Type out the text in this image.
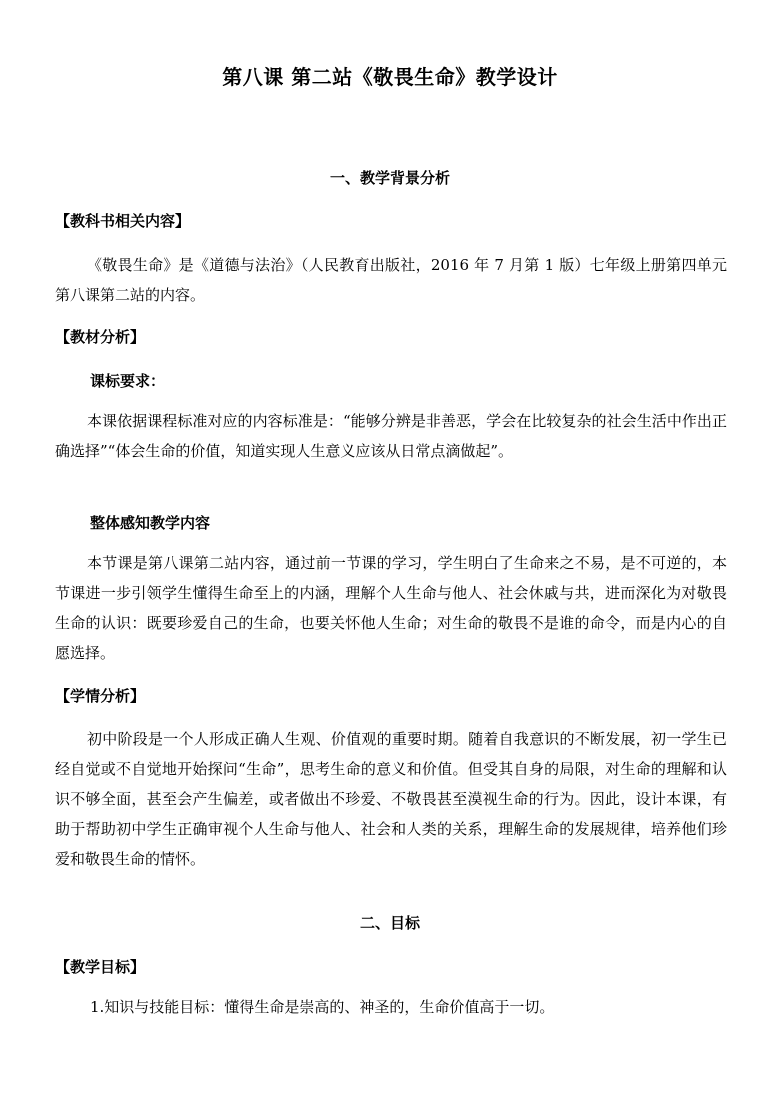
第八课 第二站《敬畏生命》教学设计
一、教学背景分析
【教科书相关内容】

《敬畏生命》是《道德与法治》（人民教育出版社，2016 年 7 月第 1 版）七年级上册第四单元第八课第二站的内容。

【教材分析】
课标要求：

本课依据课程标准对应的内容标准是：“能够分辨是非善恶，学会在比较复杂的社会生活中作出正确选择”“体会生命的价值，知道实现人生意义应该从日常点滴做起”。

整体感知教学内容

本节课是第八课第二站内容，通过前一节课的学习，学生明白了生命来之不易，是不可逆的，本节课进一步引领学生懂得生命至上的内涵，理解个人生命与他人、社会休戚与共，进而深化为对敬畏生命的认识：既要珍爱自己的生命，也要关怀他人生命；对生命的敬畏不是谁的命令，而是内心的自愿选择。

【学情分析】

初中阶段是一个人形成正确人生观、价值观的重要时期。随着自我意识的不断发展，初一学生已经自觉或不自觉地开始探问“生命”，思考生命的意义和价值。但受其自身的局限，对生命的理解和认识不够全面，甚至会产生偏差，或者做出不珍爱、不敬畏甚至漠视生命的行为。因此，设计本课，有助于帮助初中学生正确审视个人生命与他人、社会和人类的关系，理解生命的发展规律，培养他们珍爱和敬畏生命的情怀。

二、目标
【教学目标】

1.知识与技能目标：懂得生命是崇高的、神圣的，生命价值高于一切。
